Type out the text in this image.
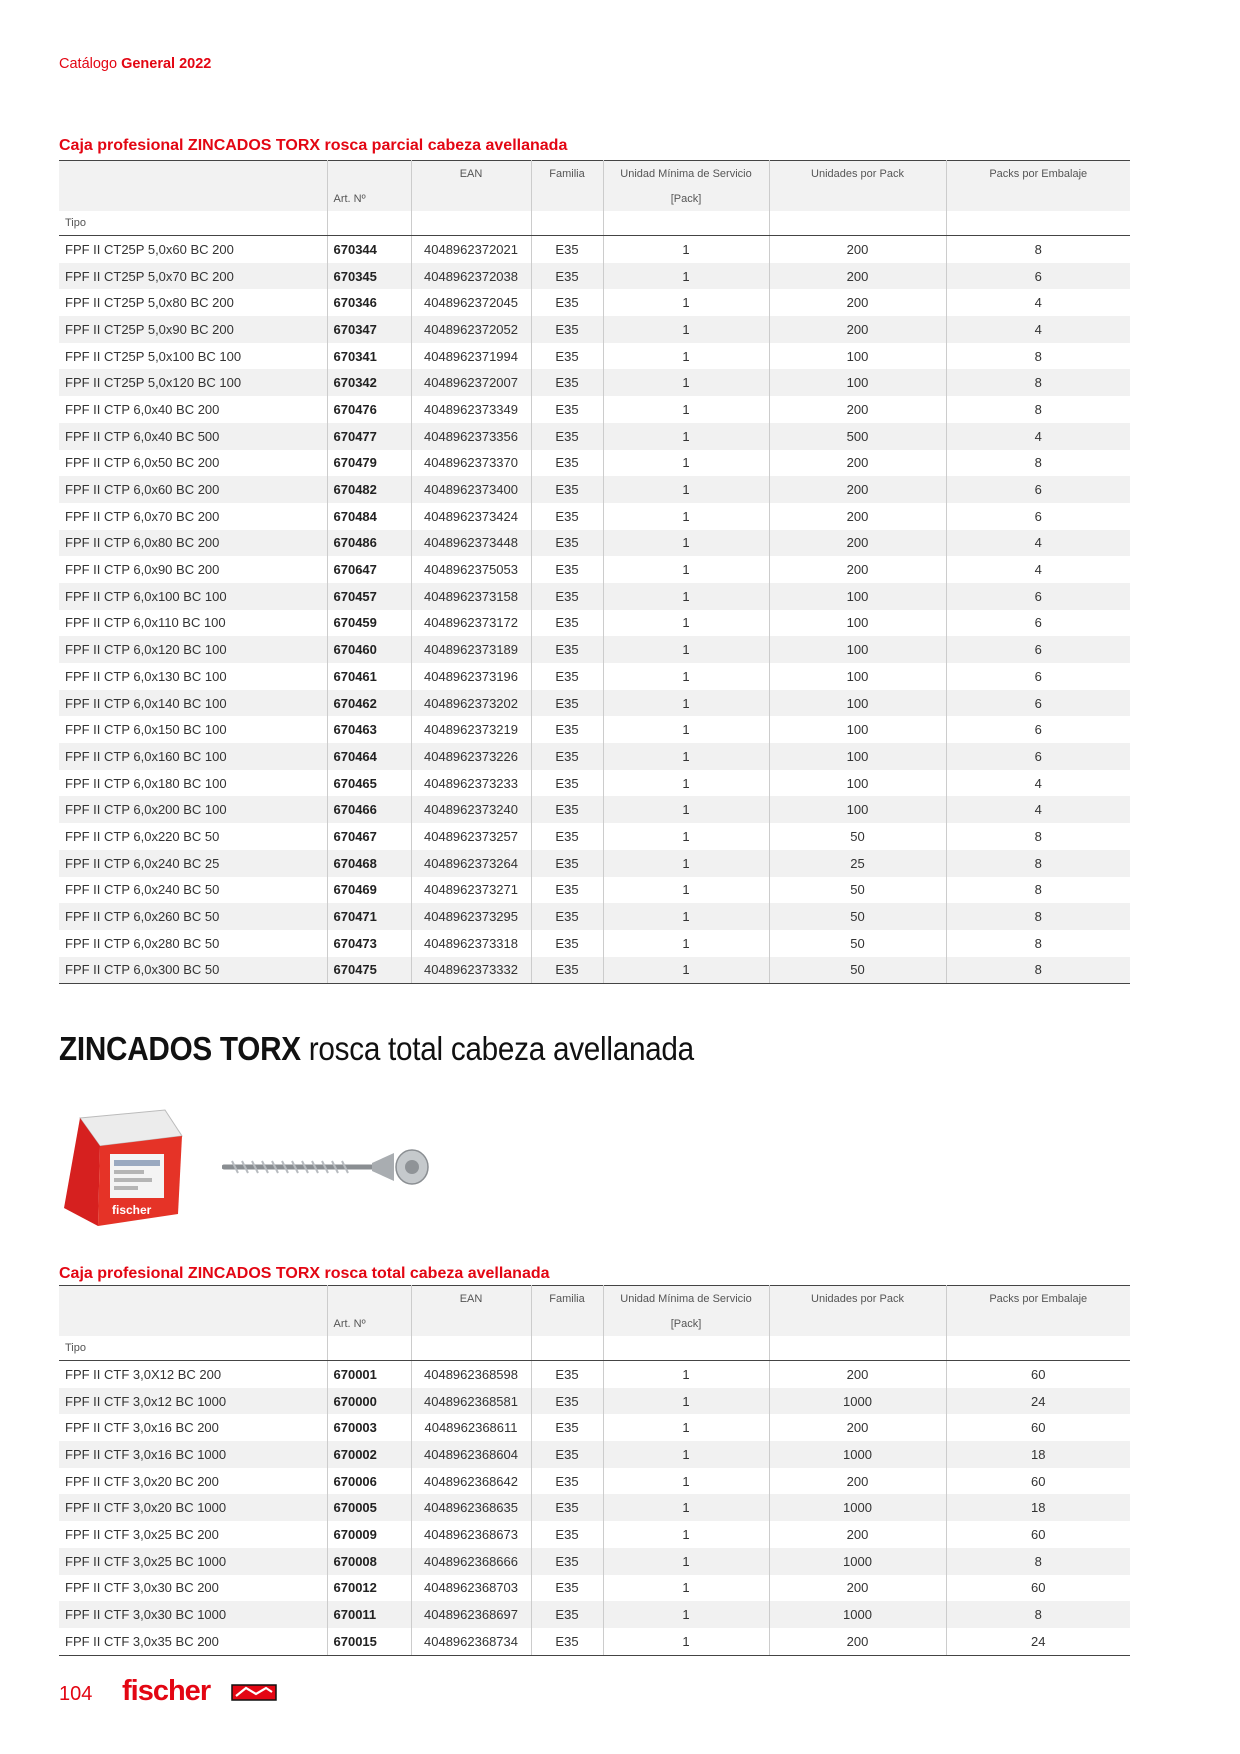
Catálogo General 2022
Caja profesional ZINCADOS TORX rosca parcial cabeza avellanada
		EAN	Familia	Unidad Mínima de Servicio	Unidades por Pack	Packs por Embalaje
	Art. Nº			[Pack]		
Tipo						
FPF II CT25P 5,0x60 BC 200	670344	4048962372021	E35	1	200	8
FPF II CT25P 5,0x70 BC 200	670345	4048962372038	E35	1	200	6
FPF II CT25P 5,0x80 BC 200	670346	4048962372045	E35	1	200	4
FPF II CT25P 5,0x90 BC 200	670347	4048962372052	E35	1	200	4
FPF II CT25P 5,0x100 BC 100	670341	4048962371994	E35	1	100	8
FPF II CT25P 5,0x120 BC 100	670342	4048962372007	E35	1	100	8
FPF II CTP 6,0x40 BC 200	670476	4048962373349	E35	1	200	8
FPF II CTP 6,0x40 BC 500	670477	4048962373356	E35	1	500	4
FPF II CTP 6,0x50 BC 200	670479	4048962373370	E35	1	200	8
FPF II CTP 6,0x60 BC 200	670482	4048962373400	E35	1	200	6
FPF II CTP 6,0x70 BC 200	670484	4048962373424	E35	1	200	6
FPF II CTP 6,0x80 BC 200	670486	4048962373448	E35	1	200	4
FPF II CTP 6,0x90 BC 200	670647	4048962375053	E35	1	200	4
FPF II CTP 6,0x100 BC 100	670457	4048962373158	E35	1	100	6
FPF II CTP 6,0x110 BC 100	670459	4048962373172	E35	1	100	6
FPF II CTP 6,0x120 BC 100	670460	4048962373189	E35	1	100	6
FPF II CTP 6,0x130 BC 100	670461	4048962373196	E35	1	100	6
FPF II CTP 6,0x140 BC 100	670462	4048962373202	E35	1	100	6
FPF II CTP 6,0x150 BC 100	670463	4048962373219	E35	1	100	6
FPF II CTP 6,0x160 BC 100	670464	4048962373226	E35	1	100	6
FPF II CTP 6,0x180 BC 100	670465	4048962373233	E35	1	100	4
FPF II CTP 6,0x200 BC 100	670466	4048962373240	E35	1	100	4
FPF II CTP 6,0x220 BC 50	670467	4048962373257	E35	1	50	8
FPF II CTP 6,0x240 BC 25	670468	4048962373264	E35	1	25	8
FPF II CTP 6,0x240 BC 50	670469	4048962373271	E35	1	50	8
FPF II CTP 6,0x260 BC 50	670471	4048962373295	E35	1	50	8
FPF II CTP 6,0x280 BC 50	670473	4048962373318	E35	1	50	8
FPF II CTP 6,0x300 BC 50	670475	4048962373332	E35	1	50	8
ZINCADOS TORX rosca total cabeza avellanada
fischer
Caja profesional ZINCADOS TORX rosca total cabeza avellanada
		EAN	Familia	Unidad Mínima de Servicio	Unidades por Pack	Packs por Embalaje
	Art. Nº			[Pack]		
Tipo						
FPF II CTF 3,0X12 BC 200	670001	4048962368598	E35	1	200	60
FPF II CTF 3,0x12 BC 1000	670000	4048962368581	E35	1	1000	24
FPF II CTF 3,0x16 BC 200	670003	4048962368611	E35	1	200	60
FPF II CTF 3,0x16 BC 1000	670002	4048962368604	E35	1	1000	18
FPF II CTF 3,0x20 BC 200	670006	4048962368642	E35	1	200	60
FPF II CTF 3,0x20 BC 1000	670005	4048962368635	E35	1	1000	18
FPF II CTF 3,0x25 BC 200	670009	4048962368673	E35	1	200	60
FPF II CTF 3,0x25 BC 1000	670008	4048962368666	E35	1	1000	8
FPF II CTF 3,0x30 BC 200	670012	4048962368703	E35	1	200	60
FPF II CTF 3,0x30 BC 1000	670011	4048962368697	E35	1	1000	8
FPF II CTF 3,0x35 BC 200	670015	4048962368734	E35	1	200	24
104 fischer
